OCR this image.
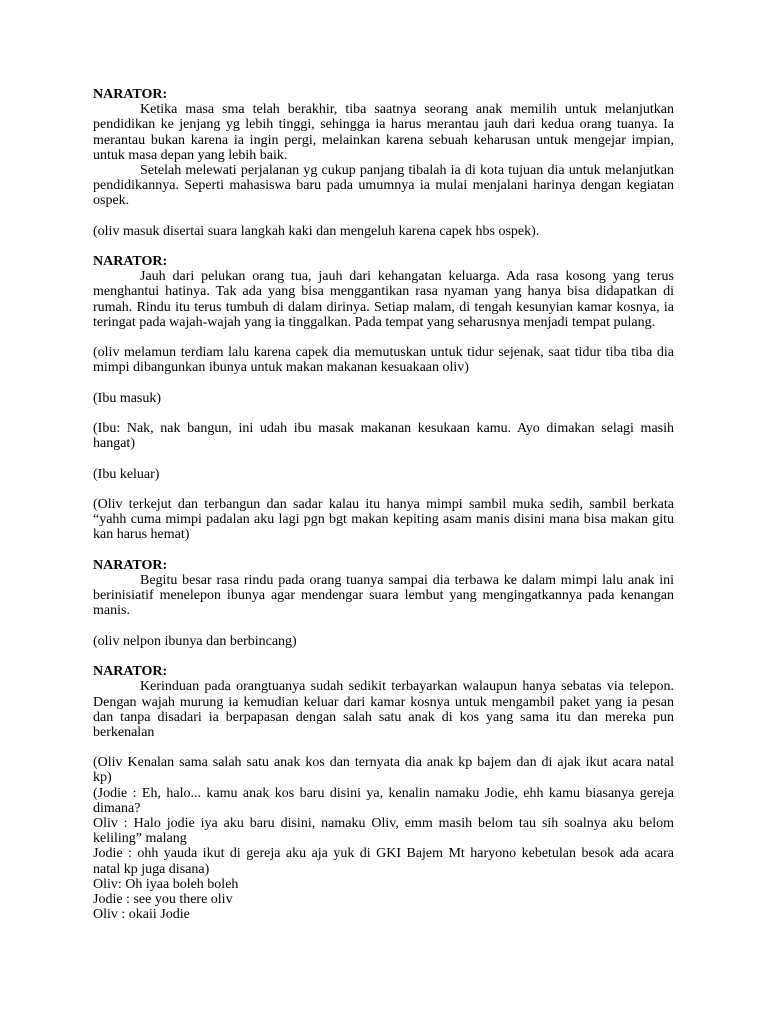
NARATOR:
Ketika masa sma telah berakhir, tiba saatnya seorang anak memilih untuk melanjutkan
pendidikan ke jenjang yg lebih tinggi, sehingga ia harus merantau jauh dari kedua orang tuanya. Ia
merantau bukan karena ia ingin pergi, melainkan karena sebuah keharusan untuk mengejar impian,
untuk masa depan yang lebih baik.
Setelah melewati perjalanan yg cukup panjang tibalah ia di kota tujuan dia untuk melanjutkan
pendidikannya. Seperti mahasiswa baru pada umumnya ia mulai menjalani harinya dengan kegiatan
ospek.
(oliv masuk disertai suara langkah kaki dan mengeluh karena capek hbs ospek).
NARATOR:
Jauh dari pelukan orang tua, jauh dari kehangatan keluarga. Ada rasa kosong yang terus
menghantui hatinya. Tak ada yang bisa menggantikan rasa nyaman yang hanya bisa didapatkan di
rumah. Rindu itu terus tumbuh di dalam dirinya. Setiap malam, di tengah kesunyian kamar kosnya, ia
teringat pada wajah-wajah yang ia tinggalkan. Pada tempat yang seharusnya menjadi tempat pulang.
(oliv melamun terdiam lalu karena capek dia memutuskan untuk tidur sejenak, saat tidur tiba tiba dia
mimpi dibangunkan ibunya untuk makan makanan kesuakaan oliv)
(Ibu masuk)
(Ibu: Nak, nak bangun, ini udah ibu masak makanan kesukaan kamu. Ayo dimakan selagi masih
hangat)
(Ibu keluar)
(Oliv terkejut dan terbangun dan sadar kalau itu hanya mimpi sambil muka sedih, sambil berkata
“yahh cuma mimpi padalan aku lagi pgn bgt makan kepiting asam manis disini mana bisa makan gitu
kan harus hemat)
NARATOR:
Begitu besar rasa rindu pada orang tuanya sampai dia terbawa ke dalam mimpi lalu anak ini
berinisiatif menelepon ibunya agar mendengar suara lembut yang mengingatkannya pada kenangan
manis.
(oliv nelpon ibunya dan berbincang)
NARATOR:
Kerinduan pada orangtuanya sudah sedikit terbayarkan walaupun hanya sebatas via telepon.
Dengan wajah murung ia kemudian keluar dari kamar kosnya untuk mengambil paket yang ia pesan
dan tanpa disadari ia berpapasan dengan salah satu anak di kos yang sama itu dan mereka pun
berkenalan
(Oliv Kenalan sama salah satu anak kos dan ternyata dia anak kp bajem dan di ajak ikut acara natal
kp)
(Jodie : Eh, halo... kamu anak kos baru disini ya, kenalin namaku Jodie, ehh kamu biasanya gereja
dimana?
Oliv : Halo jodie iya aku baru disini, namaku Oliv, emm masih belom tau sih soalnya aku belom
keliling” malang
Jodie : ohh yauda ikut di gereja aku aja yuk di GKI Bajem Mt haryono kebetulan besok ada acara
natal kp juga disana)
Oliv: Oh iyaa boleh boleh
Jodie : see you there oliv
Oliv : okaii Jodie
